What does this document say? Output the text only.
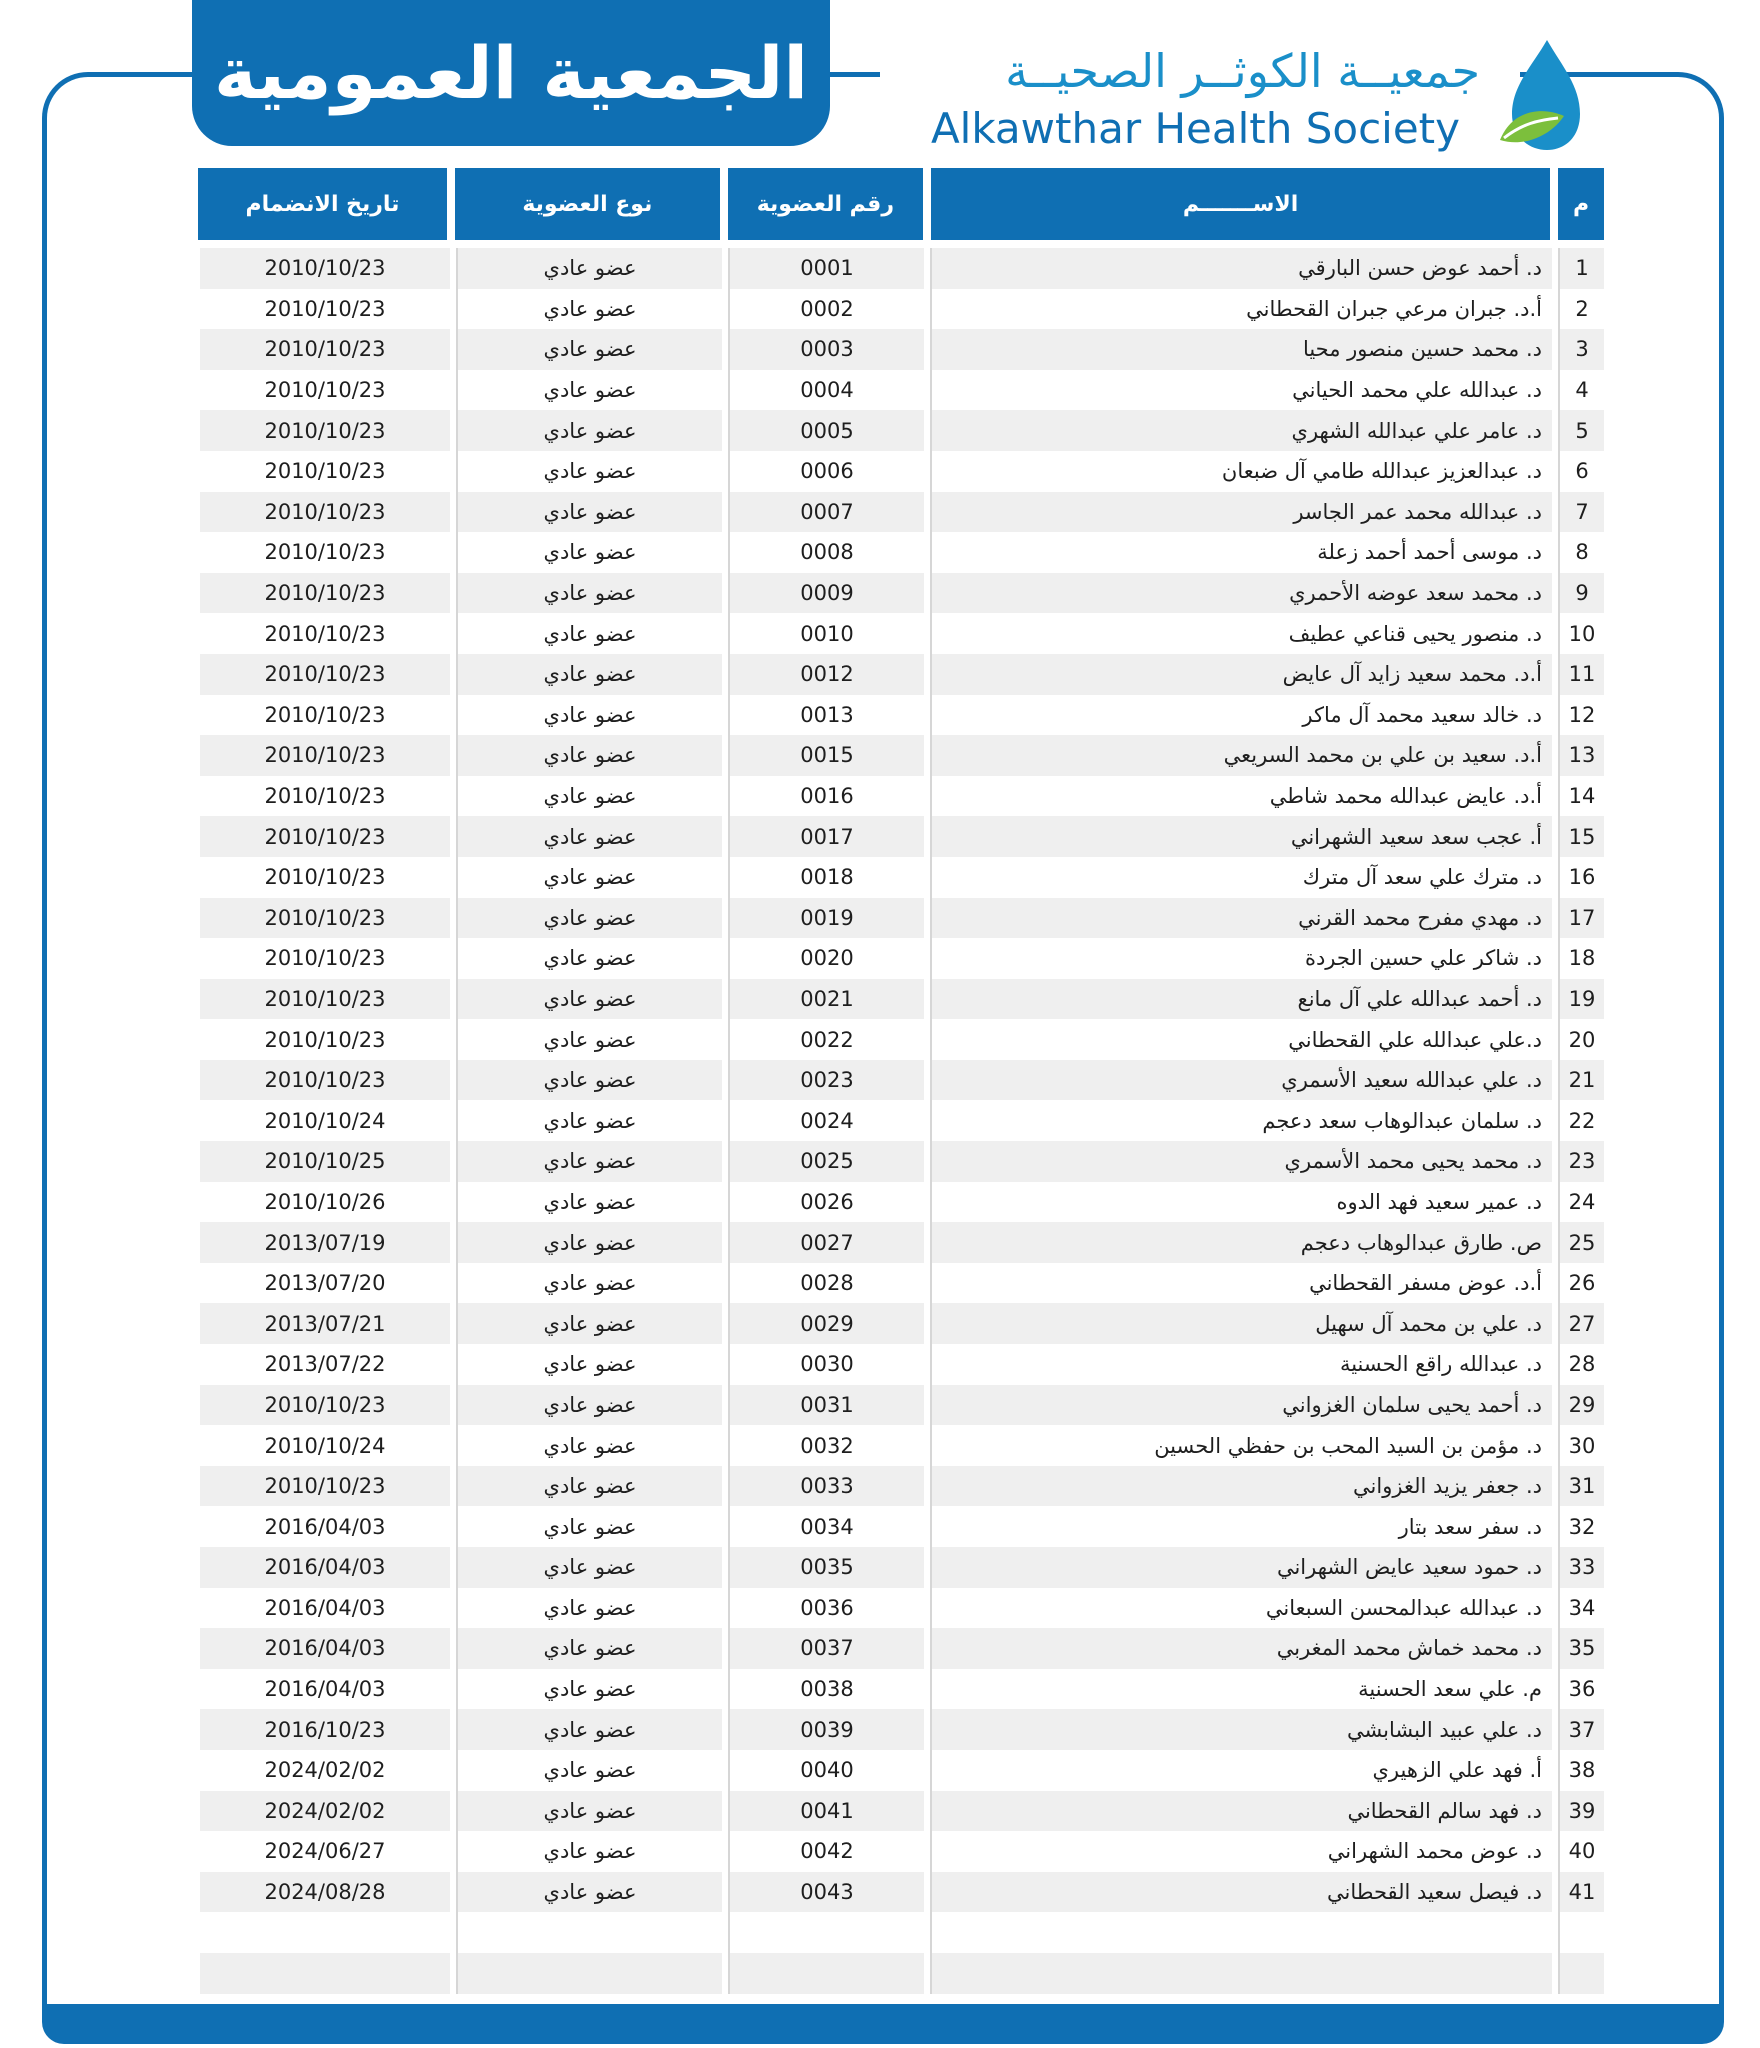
الجمعية العمومية	جمعيــة الكوثــر الصحيــة
Alkawthar Health Society
م
الاســـــــم
رقم العضوية
نوع العضوية
تاريخ الانضمام
1
د. أحمد عوض حسن البارقي
0001
عضو عادي
2010/10/23
2
أ.د. جبران مرعي جبران القحطاني
0002
عضو عادي
2010/10/23
3
د. محمد حسين منصور محيا
0003
عضو عادي
2010/10/23
4
د. عبدالله علي محمد الحياني
0004
عضو عادي
2010/10/23
5
د. عامر علي عبدالله الشهري
0005
عضو عادي
2010/10/23
6
د. عبدالعزيز عبدالله طامي آل ضبعان
0006
عضو عادي
2010/10/23
7
د. عبدالله محمد عمر الجاسر
0007
عضو عادي
2010/10/23
8
د. موسى أحمد أحمد زعلة
0008
عضو عادي
2010/10/23
9
د. محمد سعد عوضه الأحمري
0009
عضو عادي
2010/10/23
10
د. منصور يحيى قناعي عطيف
0010
عضو عادي
2010/10/23
11
أ.د. محمد سعيد زايد آل عايض
0012
عضو عادي
2010/10/23
12
د. خالد سعيد محمد آل ماكر
0013
عضو عادي
2010/10/23
13
أ.د. سعيد بن علي بن محمد السريعي
0015
عضو عادي
2010/10/23
14
أ.د. عايض عبدالله محمد شاطي
0016
عضو عادي
2010/10/23
15
أ. عجب سعد سعيد الشهراني
0017
عضو عادي
2010/10/23
16
د. مترك علي سعد آل مترك
0018
عضو عادي
2010/10/23
17
د. مهدي مفرح محمد القرني
0019
عضو عادي
2010/10/23
18
د. شاكر علي حسين الجردة
0020
عضو عادي
2010/10/23
19
د. أحمد عبدالله علي آل مانع
0021
عضو عادي
2010/10/23
20
د.علي عبدالله علي القحطاني
0022
عضو عادي
2010/10/23
21
د. علي عبدالله سعيد الأسمري
0023
عضو عادي
2010/10/23
22
د. سلمان عبدالوهاب سعد دعجم
0024
عضو عادي
2010/10/24
23
د. محمد يحيى محمد الأسمري
0025
عضو عادي
2010/10/25
24
د. عمير سعيد فهد الدوه
0026
عضو عادي
2010/10/26
25
ص. طارق عبدالوهاب دعجم
0027
عضو عادي
2013/07/19
26
أ.د. عوض مسفر القحطاني
0028
عضو عادي
2013/07/20
27
د. علي بن محمد آل سهيل
0029
عضو عادي
2013/07/21
28
د. عبدالله راقع الحسنية
0030
عضو عادي
2013/07/22
29
د. أحمد يحيى سلمان الغزواني
0031
عضو عادي
2010/10/23
30
د. مؤمن بن السيد المحب بن حفظي الحسين
0032
عضو عادي
2010/10/24
31
د. جعفر يزيد الغزواني
0033
عضو عادي
2010/10/23
32
د. سفر سعد بتار
0034
عضو عادي
2016/04/03
33
د. حمود سعيد عايض الشهراني
0035
عضو عادي
2016/04/03
34
د. عبدالله عبدالمحسن السبعاني
0036
عضو عادي
2016/04/03
35
د. محمد خماش محمد المغربي
0037
عضو عادي
2016/04/03
36
م. علي سعد الحسنية
0038
عضو عادي
2016/04/03
37
د. علي عبيد البشابشي
0039
عضو عادي
2016/10/23
38
أ. فهد علي الزهيري
0040
عضو عادي
2024/02/02
39
د. فهد سالم القحطاني
0041
عضو عادي
2024/02/02
40
د. عوض محمد الشهراني
0042
عضو عادي
2024/06/27
41
د. فيصل سعيد القحطاني
0043
عضو عادي
2024/08/28
